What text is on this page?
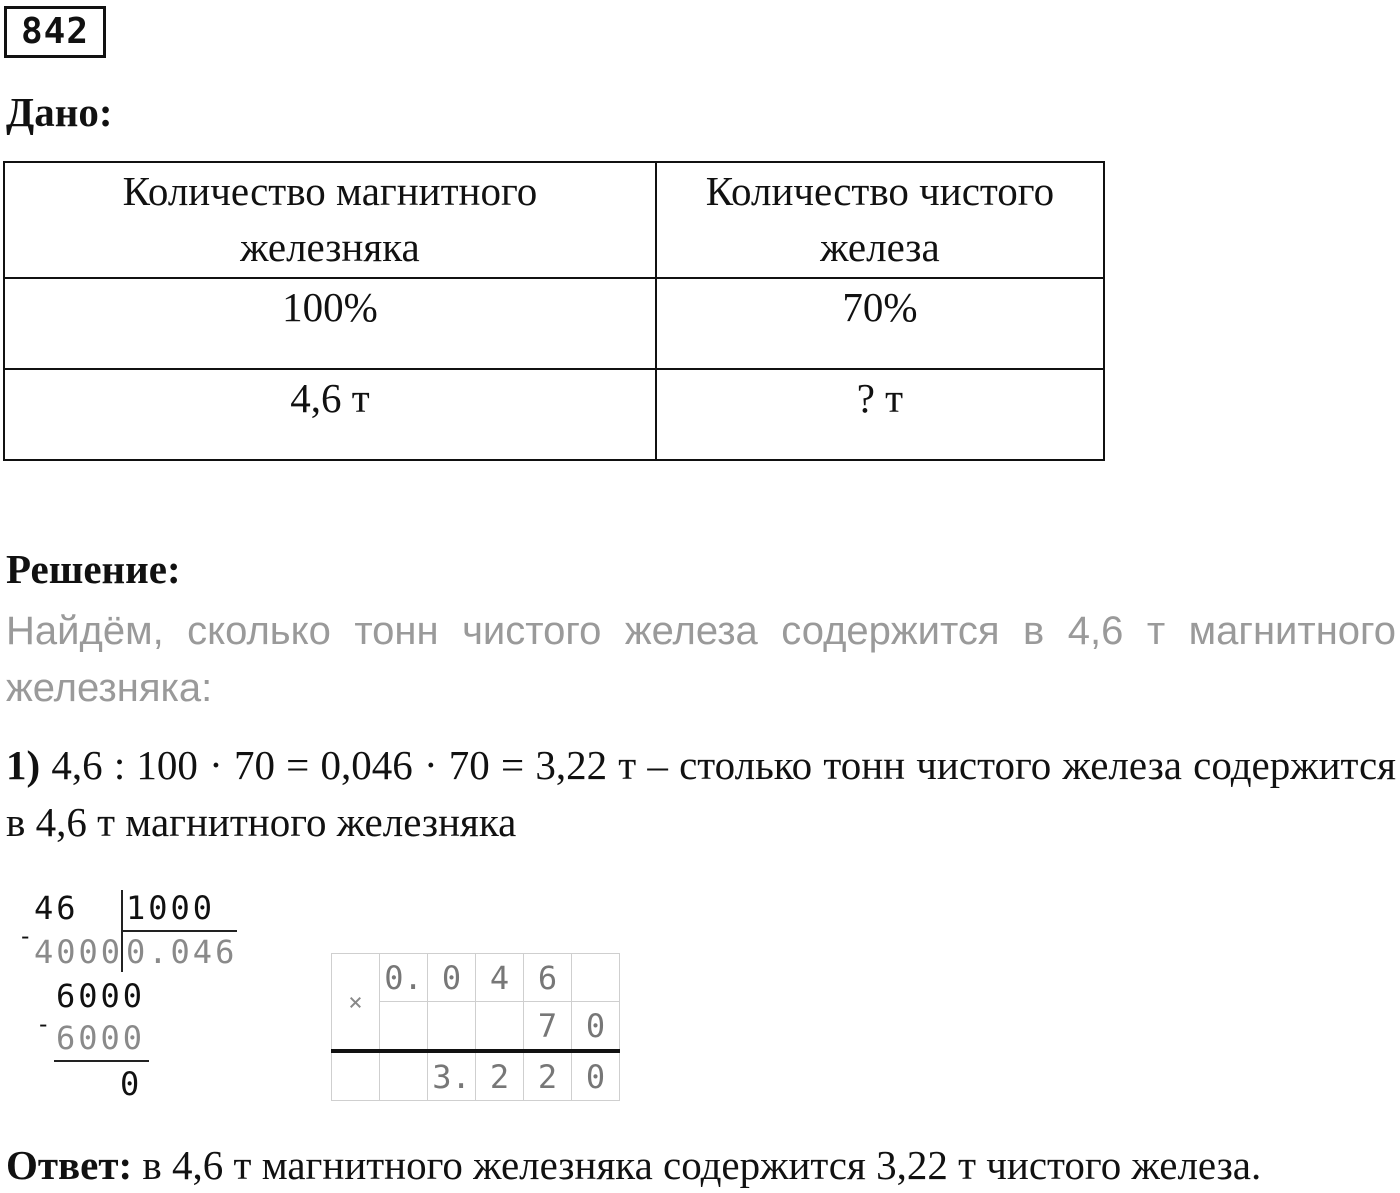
842
Дано:
Количество магнитного железняка	Количество чистого железа
100%	70%
4,6 т	? т
Решение:
Найдём, сколько тонн чистого железа содержится в 4,6 т магнитного железняка:
1) 4,6 : 100 · 70 = 0,046 · 70 = 3,22 т – столько тонн чистого железа содержится в 4,6 т магнитного железняка
46 1000
-
4000 0.046
6000
- 6000
0
×	0.	0	4	6	
				7	0
		3.	2	2	0
Ответ: в 4,6 т магнитного железняка содержится 3,22 т чистого железа.
